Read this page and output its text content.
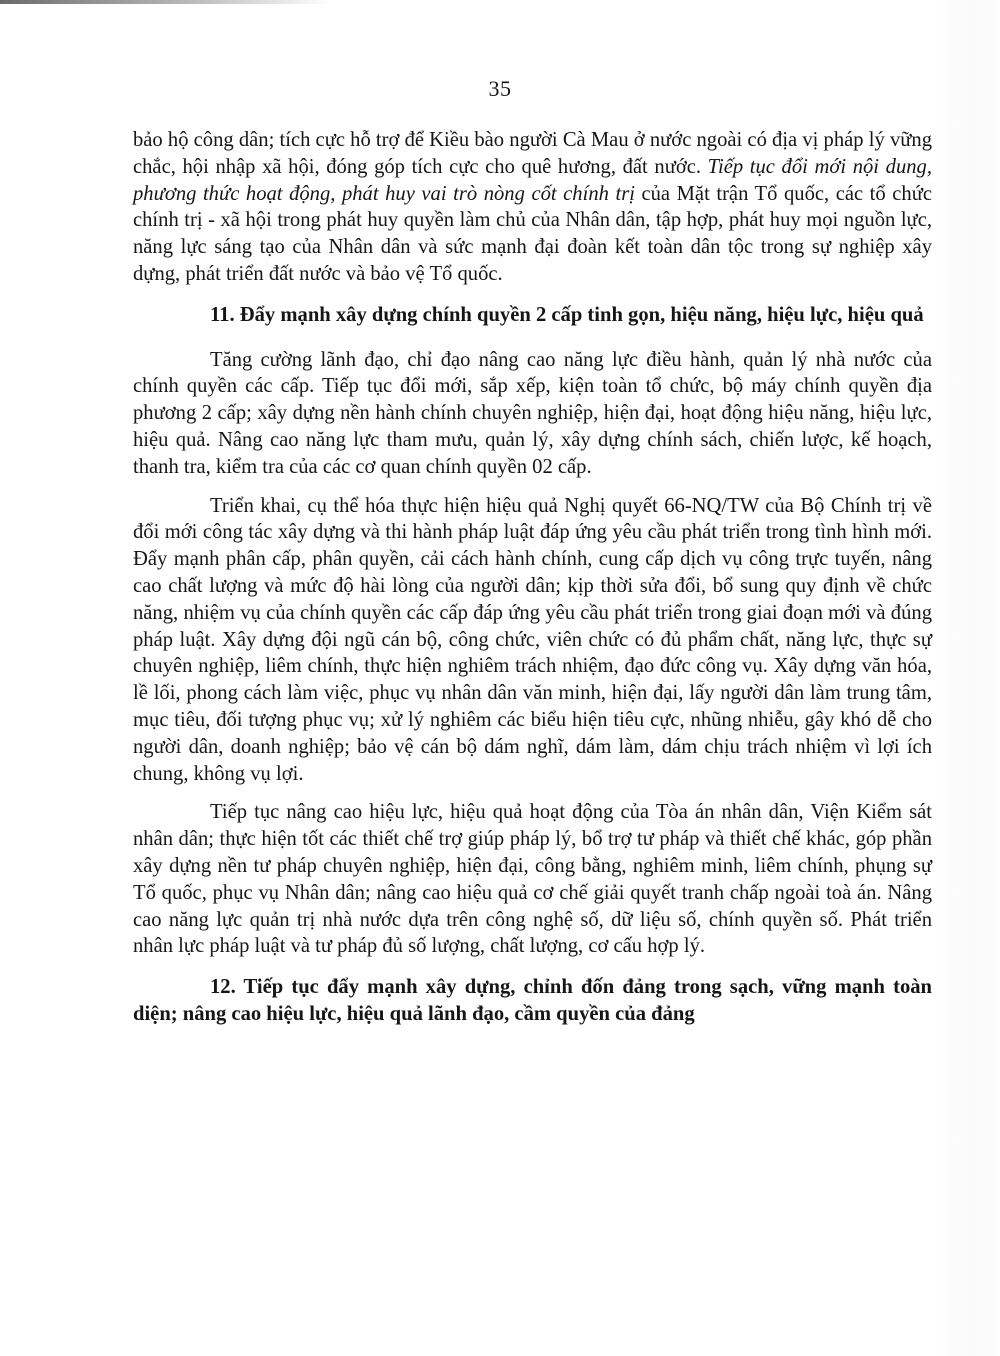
35

bảo hộ công dân; tích cực hỗ trợ để Kiều bào người Cà Mau ở nước ngoài có địa vị pháp lý vững chắc, hội nhập xã hội, đóng góp tích cực cho quê hương, đất nước. Tiếp tục đổi mới nội dung, phương thức hoạt động, phát huy vai trò nòng cốt chính trị của Mặt trận Tổ quốc, các tổ chức chính trị - xã hội trong phát huy quyền làm chủ của Nhân dân, tập hợp, phát huy mọi nguồn lực, năng lực sáng tạo của Nhân dân và sức mạnh đại đoàn kết toàn dân tộc trong sự nghiệp xây dựng, phát triển đất nước và bảo vệ Tổ quốc.

11. Đẩy mạnh xây dựng chính quyền 2 cấp tinh gọn, hiệu năng, hiệu lực, hiệu quả

Tăng cường lãnh đạo, chỉ đạo nâng cao năng lực điều hành, quản lý nhà nước của chính quyền các cấp. Tiếp tục đổi mới, sắp xếp, kiện toàn tổ chức, bộ máy chính quyền địa phương 2 cấp; xây dựng nền hành chính chuyên nghiệp, hiện đại, hoạt động hiệu năng, hiệu lực, hiệu quả. Nâng cao năng lực tham mưu, quản lý, xây dựng chính sách, chiến lược, kế hoạch, thanh tra, kiểm tra của các cơ quan chính quyền 02 cấp.

Triển khai, cụ thể hóa thực hiện hiệu quả Nghị quyết 66-NQ/TW của Bộ Chính trị về đổi mới công tác xây dựng và thi hành pháp luật đáp ứng yêu cầu phát triển trong tình hình mới. Đẩy mạnh phân cấp, phân quyền, cải cách hành chính, cung cấp dịch vụ công trực tuyến, nâng cao chất lượng và mức độ hài lòng của người dân; kịp thời sửa đổi, bổ sung quy định về chức năng, nhiệm vụ của chính quyền các cấp đáp ứng yêu cầu phát triển trong giai đoạn mới và đúng pháp luật. Xây dựng đội ngũ cán bộ, công chức, viên chức có đủ phẩm chất, năng lực, thực sự chuyên nghiệp, liêm chính, thực hiện nghiêm trách nhiệm, đạo đức công vụ. Xây dựng văn hóa, lề lối, phong cách làm việc, phục vụ nhân dân văn minh, hiện đại, lấy người dân làm trung tâm, mục tiêu, đối tượng phục vụ; xử lý nghiêm các biểu hiện tiêu cực, nhũng nhiễu, gây khó dễ cho người dân, doanh nghiệp; bảo vệ cán bộ dám nghĩ, dám làm, dám chịu trách nhiệm vì lợi ích chung, không vụ lợi.

Tiếp tục nâng cao hiệu lực, hiệu quả hoạt động của Tòa án nhân dân, Viện Kiểm sát nhân dân; thực hiện tốt các thiết chế trợ giúp pháp lý, bổ trợ tư pháp và thiết chế khác, góp phần xây dựng nền tư pháp chuyên nghiệp, hiện đại, công bằng, nghiêm minh, liêm chính, phụng sự Tổ quốc, phục vụ Nhân dân; nâng cao hiệu quả cơ chế giải quyết tranh chấp ngoài toà án. Nâng cao năng lực quản trị nhà nước dựa trên công nghệ số, dữ liệu số, chính quyền số. Phát triển nhân lực pháp luật và tư pháp đủ số lượng, chất lượng, cơ cấu hợp lý.

12. Tiếp tục đẩy mạnh xây dựng, chỉnh đốn đảng trong sạch, vững mạnh toàn diện; nâng cao hiệu lực, hiệu quả lãnh đạo, cầm quyền của đảng
